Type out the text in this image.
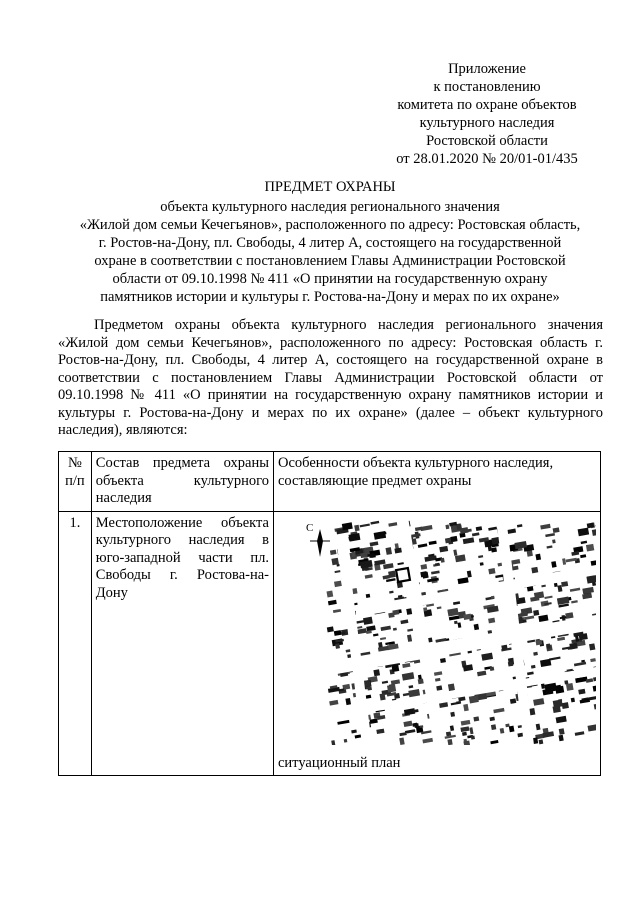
Приложение
к постановлению
комитета по охране объектов
культурного наследия
Ростовской области
от 28.01.2020 № 20/01-01/435
ПРЕДМЕТ ОХРАНЫ
объекта культурного наследия регионального значения
«Жилой дом семьи Кечегьянов», расположенного по адресу: Ростовская область,
г. Ростов-на-Дону, пл. Свободы, 4 литер А, состоящего на государственной
охране в соответствии с постановлением Главы Администрации Ростовской
области от 09.10.1998 № 411 «О принятии на государственную охрану
памятников истории и культуры г. Ростова-на-Дону и мерах по их охране»
Предметом охраны объекта культурного наследия регионального значения «Жилой дом семьи Кечегьянов», расположенного по адресу: Ростовская область г. Ростов-на-Дону, пл. Свободы, 4 литер А, состоящего на государственной охране в соответствии с постановлением Главы Администрации Ростовской области от 09.10.1998 № 411 «О принятии на государственную охрану памятников истории и культуры г. Ростова-на-Дону и мерах по их охране» (далее – объект культурного наследия), являются:
№ п/п	Состав предмета охраны объекта культурного наследия	Особенности объекта культурного наследия, составляющие предмет охраны
1.	Местоположение объекта культурного наследия в юго-западной части пл. Свободы г. Ростова-на-Дону	С
ситуационный план
